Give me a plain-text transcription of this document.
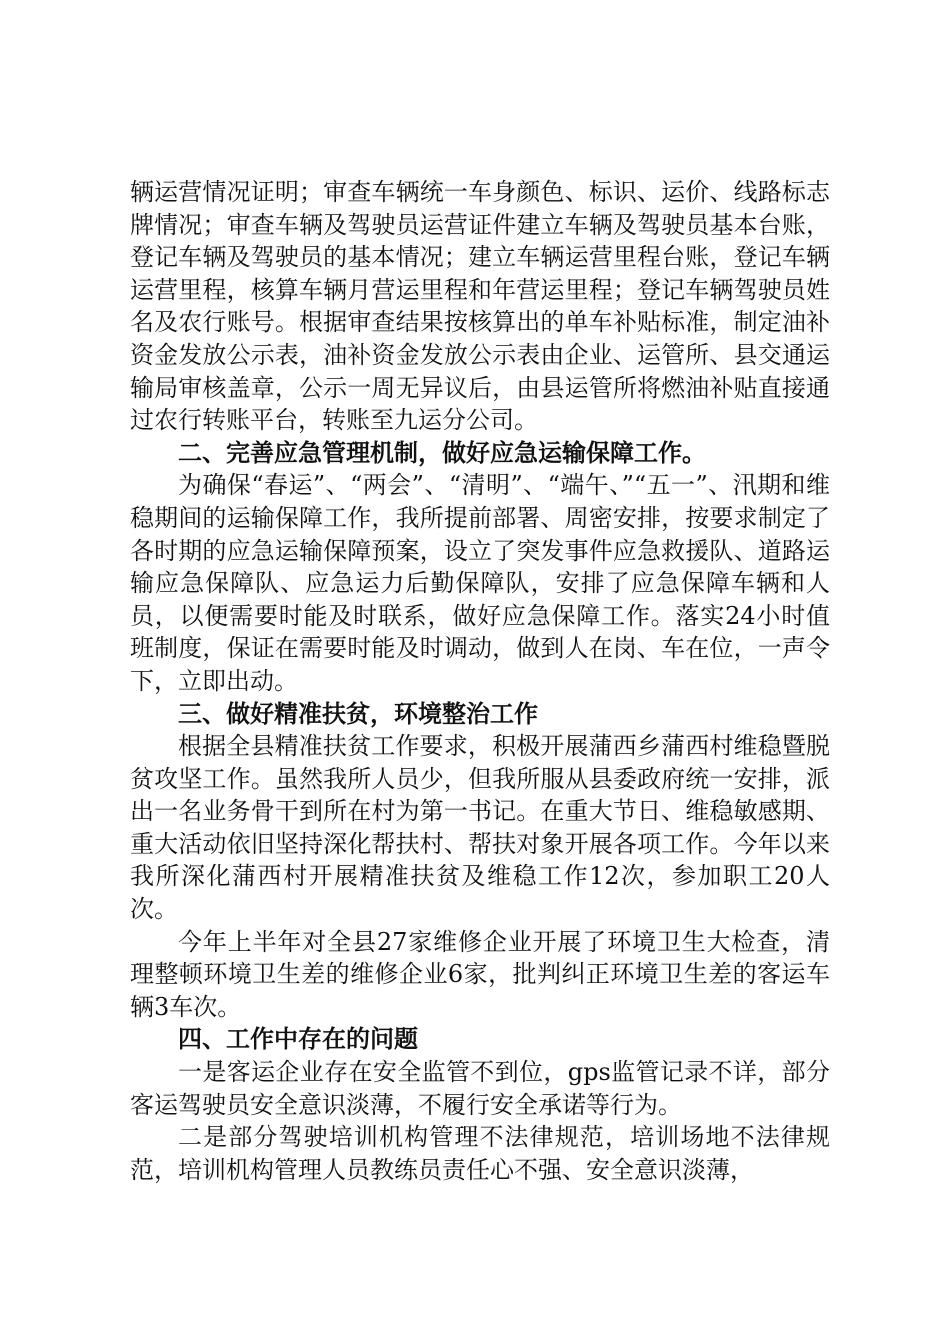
辆运营情况证明；审查车辆统一车身颜色、标识、运价、线路标志牌情况；审查车辆及驾驶员运营证件建立车辆及驾驶员基本台账，登记车辆及驾驶员的基本情况；建立车辆运营里程台账，登记车辆运营里程，核算车辆月营运里程和年营运里程；登记车辆驾驶员姓名及农行账号。根据审查结果按核算出的单车补贴标准，制定油补资金发放公示表，油补资金发放公示表由企业、运管所、县交通运输局审核盖章，公示一周无异议后，由县运管所将燃油补贴直接通过农行转账平台，转账至九运分公司。

二、完善应急管理机制，做好应急运输保障工作。

为确保“春运”、“两会”、“清明”、“端午、”“五一”、汛期和维稳期间的运输保障工作，我所提前部署、周密安排，按要求制定了各时期的应急运输保障预案，设立了突发事件应急救援队、道路运输应急保障队、应急运力后勤保障队，安排了应急保障车辆和人员，以便需要时能及时联系，做好应急保障工作。落实24小时值班制度，保证在需要时能及时调动，做到人在岗、车在位，一声令下，立即出动。

三、做好精准扶贫，环境整治工作

根据全县精准扶贫工作要求，积极开展蒲西乡蒲西村维稳暨脱贫攻坚工作。虽然我所人员少，但我所服从县委政府统一安排，派出一名业务骨干到所在村为第一书记。在重大节日、维稳敏感期、重大活动依旧坚持深化帮扶村、帮扶对象开展各项工作。今年以来我所深化蒲西村开展精准扶贫及维稳工作12次，参加职工20人次。

今年上半年对全县27家维修企业开展了环境卫生大检查，清理整顿环境卫生差的维修企业6家，批判纠正环境卫生差的客运车辆3车次。

四、工作中存在的问题

一是客运企业存在安全监管不到位，gps监管记录不详，部分客运驾驶员安全意识淡薄，不履行安全承诺等行为。

二是部分驾驶培训机构管理不法律规范，培训场地不法律规范，培训机构管理人员教练员责任心不强、安全意识淡薄，
